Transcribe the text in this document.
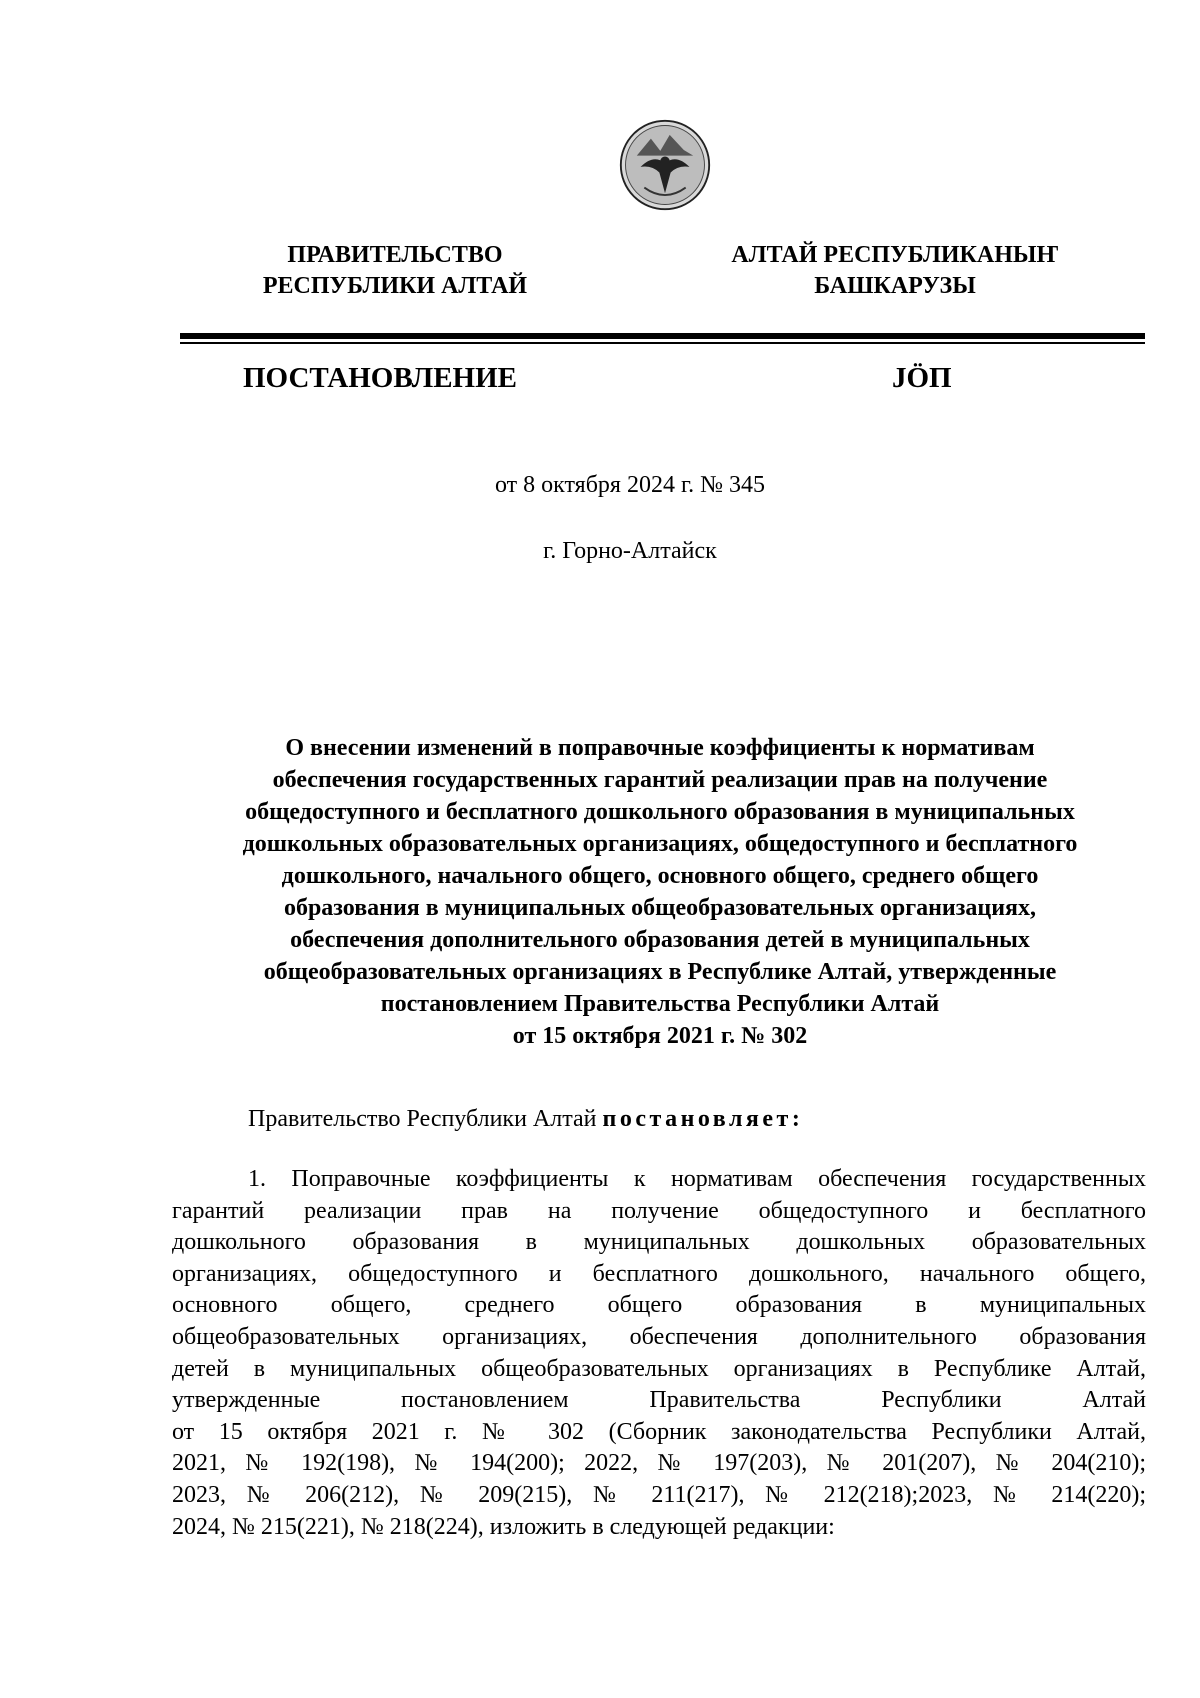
ПРАВИТЕЛЬСТВО
РЕСПУБЛИКИ АЛТАЙ
АЛТАЙ РЕСПУБЛИКАНЫҤ
БАШКАРУЗЫ
ПОСТАНОВЛЕНИЕ	JӦП
от 8 октября 2024 г. № 345
г. Горно-Алтайск
О внесении изменений в поправочные коэффициенты к нормативам
обеспечения государственных гарантий реализации прав на получение
общедоступного и бесплатного дошкольного образования в муниципальных
дошкольных образовательных организациях, общедоступного и бесплатного
дошкольного, начального общего, основного общего, среднего общего
образования в муниципальных общеобразовательных организациях,
обеспечения дополнительного образования детей в муниципальных
общеобразовательных организациях в Республике Алтай, утвержденные
постановлением Правительства Республики Алтай
от 15 октября 2021 г. № 302
Правительство Республики Алтай постановляет:
1. Поправочные коэффициенты к нормативам обеспечения государственных
гарантий реализации прав на получение общедоступного и бесплатного
дошкольного образования в муниципальных дошкольных образовательных
организациях, общедоступного и бесплатного дошкольного, начального общего,
основного общего, среднего общего образования в муниципальных
общеобразовательных организациях, обеспечения дополнительного образования
детей в муниципальных общеобразовательных организациях в Республике Алтай,
утвержденные постановлением Правительства Республики Алтай
от 15 октября 2021 г. № 302 (Сборник законодательства Республики Алтай,
2021, № 192(198), № 194(200); 2022, № 197(203), № 201(207), № 204(210);
2023, № 206(212), № 209(215), № 211(217), № 212(218);2023, № 214(220);
2024, № 215(221), № 218(224), изложить в следующей редакции:
